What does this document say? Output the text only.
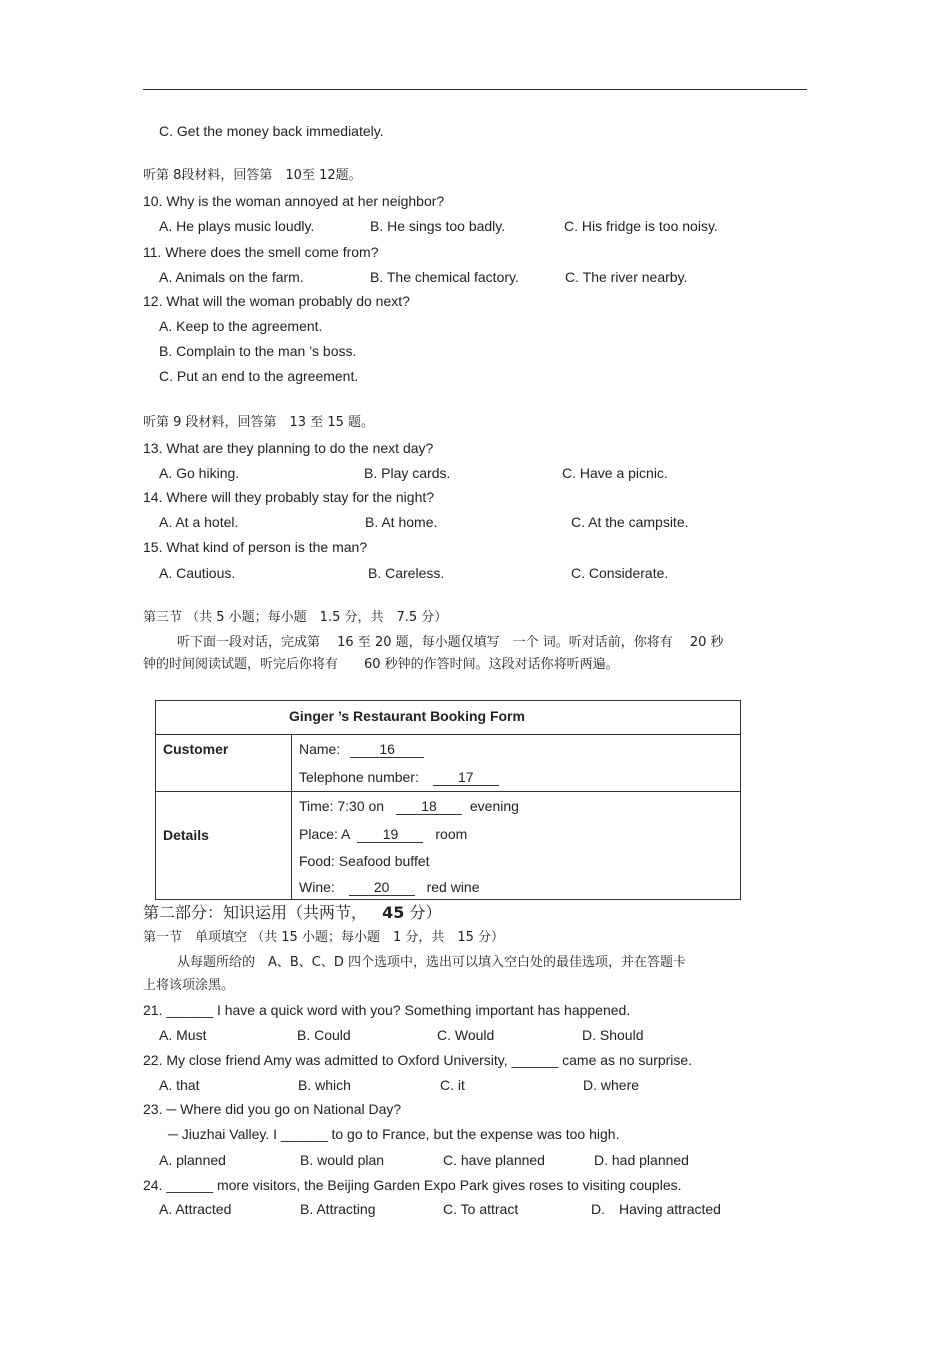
C. Get the money back immediately.
听第 8段材料，回答第　10至 12题。
10. Why is the woman annoyed at her neighbor?
A. He plays music loudly.	B. He sings too badly.	C. His fridge is too noisy.
11. Where does the smell come from?
A. Animals on the farm.	B. The chemical factory.	C. The river nearby.
12. What will the woman probably do next?
A. Keep to the agreement.
B. Complain to the man ’s boss.
C. Put an end to the agreement.
听第 9 段材料，回答第　13 至 15 题。
13. What are they planning to do the next day?
A. Go hiking.	B. Play cards.	C. Have a picnic.
14. Where will they probably stay for the night?
A. At a hotel.	B. At home.	C. At the campsite.
15. What kind of person is the man?
A. Cautious.	B. Careless.	C. Considerate.
第三节 （共 5 小题；每小题　1.5 分，共　7.5 分）
听下面一段对话，完成第　 16 至 20 题，每小题仅填写　一个 词。听对话前，你将有　 20 秒
钟的时间阅读试题，听完后你将有　　60 秒钟的作答时间。这段对话你将听两遍。
Ginger ’s Restaurant Booking Form
Customer	Name:	16
Telephone number:	17
Details
Time: 7:30 on	18 evening
Place: A 19	room
Food: Seafood buffet
Wine:	20	red wine
第二部分：知识运用（共两节， 45 分）
第一节　单项填空 （共 15 小题；每小题　1 分，共　15 分）
从每题所给的　A、B、C、D 四个选项中，选出可以填入空白处的最佳选项，并在答题卡
上将该项涂黑。
21. ______ I have a quick word with you? Something important has happened.
A. Must	B. Could	C. Would	D. Should
22. My close friend Amy was admitted to Oxford University, ______ came as no surprise.
A. that	B. which	C. it	D. where
23. ─ Where did you go on National Day?
─ Jiuzhai Valley. I ______ to go to France, but the expense was too high.
A. planned	B. would plan	C. have planned	D. had planned
24. ______ more visitors, the Beijing Garden Expo Park gives roses to visiting couples.
A. Attracted	B. Attracting	C. To attract	D.　Having attracted
